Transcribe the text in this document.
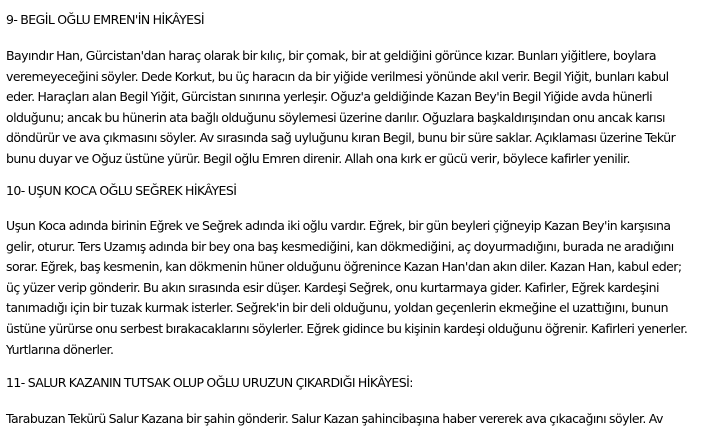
9- BEGİL OĞLU EMREN'İN HİKÂYESİ
Bayındır Han, Gürcistan'dan haraç olarak bir kılıç, bir çomak, bir at geldiğini görünce kızar. Bunları yiğitlere, boylara
veremeyeceğini söyler. Dede Korkut, bu üç haracın da bir yiğide verilmesi yönünde akıl verir. Begil Yiğit, bunları kabul
eder. Haraçları alan Begil Yiğit, Gürcistan sınırına yerleşir. Oğuz'a geldiğinde Kazan Bey'in Begil Yiğide avda hünerli
olduğunu; ancak bu hünerin ata bağlı olduğunu söylemesi üzerine darılır. Oğuzlara başkaldırışından onu ancak karısı
döndürür ve ava çıkmasını söyler. Av sırasında sağ uyluğunu kıran Begil, bunu bir süre saklar. Açıklaması üzerine Tekür
bunu duyar ve Oğuz üstüne yürür. Begil oğlu Emren direnir. Allah ona kırk er gücü verir, böylece kafirler yenilir.
10- UŞUN KOCA OĞLU SEĞREK HİKÂYESİ
Uşun Koca adında birinin Eğrek ve Seğrek adında iki oğlu vardır. Eğrek, bir gün beyleri çiğneyip Kazan Bey'in karşısına
gelir, oturur. Ters Uzamış adında bir bey ona baş kesmediğini, kan dökmediğini, aç doyurmadığını, burada ne aradığını
sorar. Eğrek, baş kesmenin, kan dökmenin hüner olduğunu öğrenince Kazan Han'dan akın diler. Kazan Han, kabul eder;
üç yüzer verip gönderir. Bu akın sırasında esir düşer. Kardeşi Seğrek, onu kurtarmaya gider. Kafirler, Eğrek kardeşini
tanımadığı için bir tuzak kurmak isterler. Seğrek'in bir deli olduğunu, yoldan geçenlerin ekmeğine el uzattığını, bunun
üstüne yürürse onu serbest bırakacaklarını söylerler. Eğrek gidince bu kişinin kardeşi olduğunu öğrenir. Kafirleri yenerler.
Yurtlarına dönerler.
11- SALUR KAZANIN TUTSAK OLUP OĞLU URUZUN ÇIKARDIĞI HİKÂYESİ:
Tarabuzan Tekürü Salur Kazana bir şahin gönderir. Salur Kazan şahincibaşına haber vererek ava çıkacağını söyler. Av
